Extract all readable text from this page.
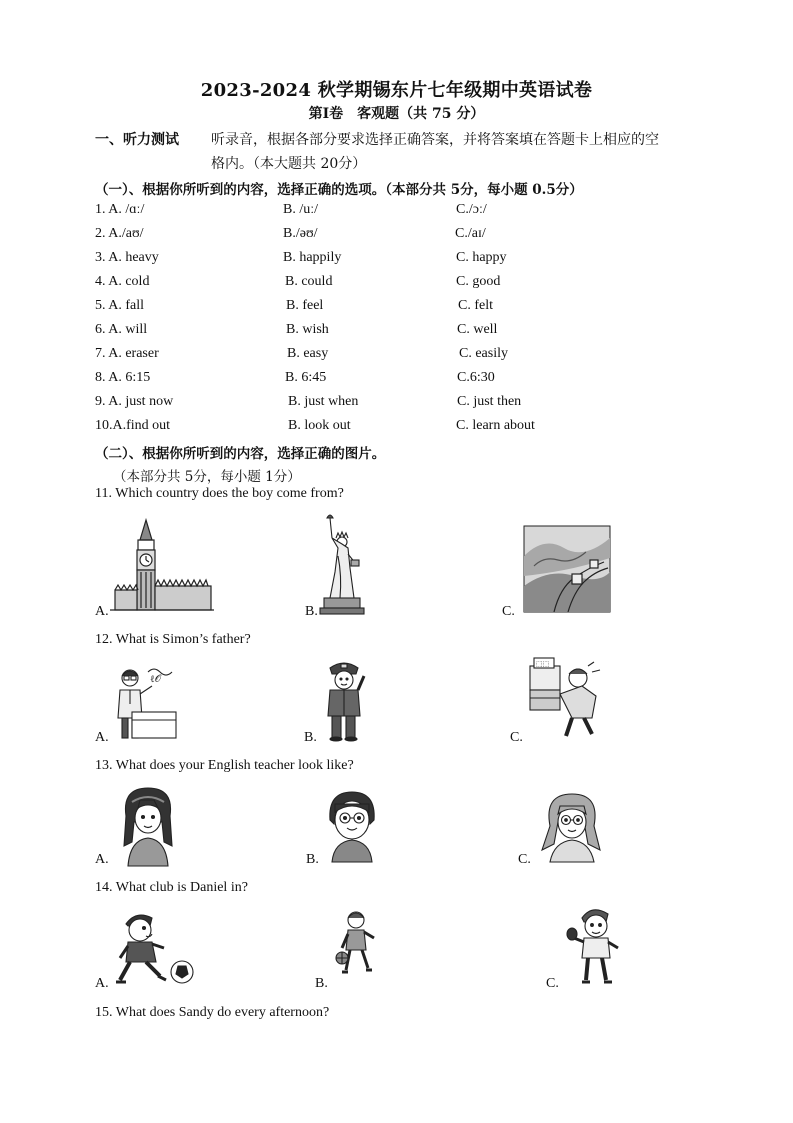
2023-2024 秋学期锡东片七年级期中英语试卷
第Ⅰ卷　客观题（共 75 分）
一、听力测试 听录音，根据各部分要求选择正确答案，并将答案填在答题卡上相应的空
格内。（本大题共 20分）
（一）、根据你所听到的内容，选择正确的选项。（本部分共 5分，每小题 0.5分）
1. A. /ɑː/	B. /uː/	C./ɔː/
2. A./aʊ/	B./əʊ/	C./aɪ/
3. A. heavy	B. happily	C. happy
4. A. cold	B. could	C. good
5. A. fall	B. feel	C. felt
6. A. will	B. wish	C. well
7. A. eraser	B. easy	C. easily
8. A. 6:15	B. 6:45	C.6:30
9. A. just now	B. just when	C. just then
10.A.find out	B. look out	C. learn about
（二）、根据你所听到的内容，选择正确的图片。
（本部分共 5分，每小题 1分）
11. Which country does the boy come from?
A.	B.	C.
12. What is Simon’s father?
A.	B.	C.
ℓ𝒪
⬚⬚
13. What does your English teacher look like?
A.	B.	C.
14. What club is Daniel in?
A.	B.	C.
15. What does Sandy do every afternoon?
